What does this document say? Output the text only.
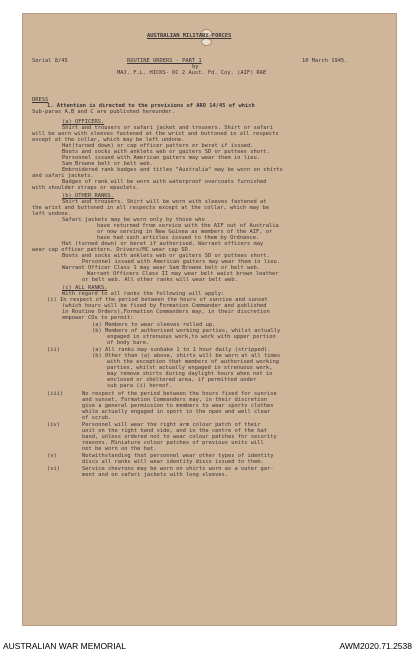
AUSTRALIAN MILITARY FORCES

Serial 8/45	ROUTINE ORDERS - PART 1	10 March 1945.

by

MAJ. F.L. HICKS- OC 2 Aust. Fd. Coy. (AIF) RAE

DRESS

1. Attention is directed to the provisions of ARO 14/45 of which

Sub-paras A,B and C are published hereunder.

(a) OFFICERS.

Shirt and trousers or safari jacket and trousers. Shirt or safari

will be worn with sleeves fastened at the wrist and buttoned in all respects

except at the collar, which may be left undone.

Hat(turned down) or cap officer pattern or beret if issued.

Boots and socks with anklets web or gaiters SD or puttees short.

Personnel issued with American gaiters may wear them in lieu.

Sam Browne belt or belt web.

Embroidered rank badges and titles "Australia" may be worn on shirts

and safari jackets.

Badges of rank will be worn with waterproof overcoats furnished

with shoulder straps or epaulets.

(b) OTHER RANKS.

Shirt and trousers. Shirt will be worn with sleeves fastened at

the wrist and buttoned in all respects except at the collar, which may be

left undone.

Safari jackets may be worn only by those who

have returned from service with the AIF out of Australia

or now serving in New Guinea as members of the AIF, or

have had such articles issued to them by Ordnance.

Hat (turned down) or beret if authorised. Warrant officers may

wear cap officer pattern. Drivers/MC wear cap SD.

Boots and socks with anklets web or gaiters SD or puttees short.

Personnel issued with American gaiters may wear them in lieu.

Warrant Officer Class 1 may wear Sam Browne belt or belt web.

Warrant Officers Class II may wear belt waist brown leather

or belt web. All other ranks will wear belt web.

(c) ALL RANKS.

With regard to all ranks the following will apply:

(i) In respect of the period between the hours of sunrise and sunset

(which hours will be fixed by Formation Commander and published

in Routine Orders),Formation Commanders may, in their discretion

empower COs to permit:

(a) Members to wear sleeves rolled up.

(b) Members of authorised working parties, whilst actually

engaged in strenuous work,to work with upper portion

of body bare.

(ii)	(a) All ranks may sunbake 1 to 1 hour daily (stripped).

(b) Other than (a) above, shirts will be worn at all times

with the exception that members of authorised working

parties, whilst actually engaged in strenuous work,

may remove shirts during daylight hours when not in

enclosed or sheltered area, if permitted under

sub para (i) hereof.

(iii)	No respect of the period between the hours fixed for sunrise

and sunset, Formation Commanders may, in their discretion

give a general permission to members to wear sports clothes

while actually engaged in sport in the open and well clear

of scrub.

(iv)	Personnel will wear the right arm colour patch of their

unit on the right hand side, and in the centre of the hat

band, unless ordered not to wear colour patches for security

reasons. Miniature colour patches of previous units will

not be worn on the hat.

(v)	Notwithstanding that personnel wear other types of identity

discs all ranks will wear identity discs issued to them.

(vi)	Service chevrons may be worn on shirts worn as a outer gar-

ment and on safari jackets with long sleeves.

AUSTRALIAN WAR MEMORIAL	AWM2020.71.2538
